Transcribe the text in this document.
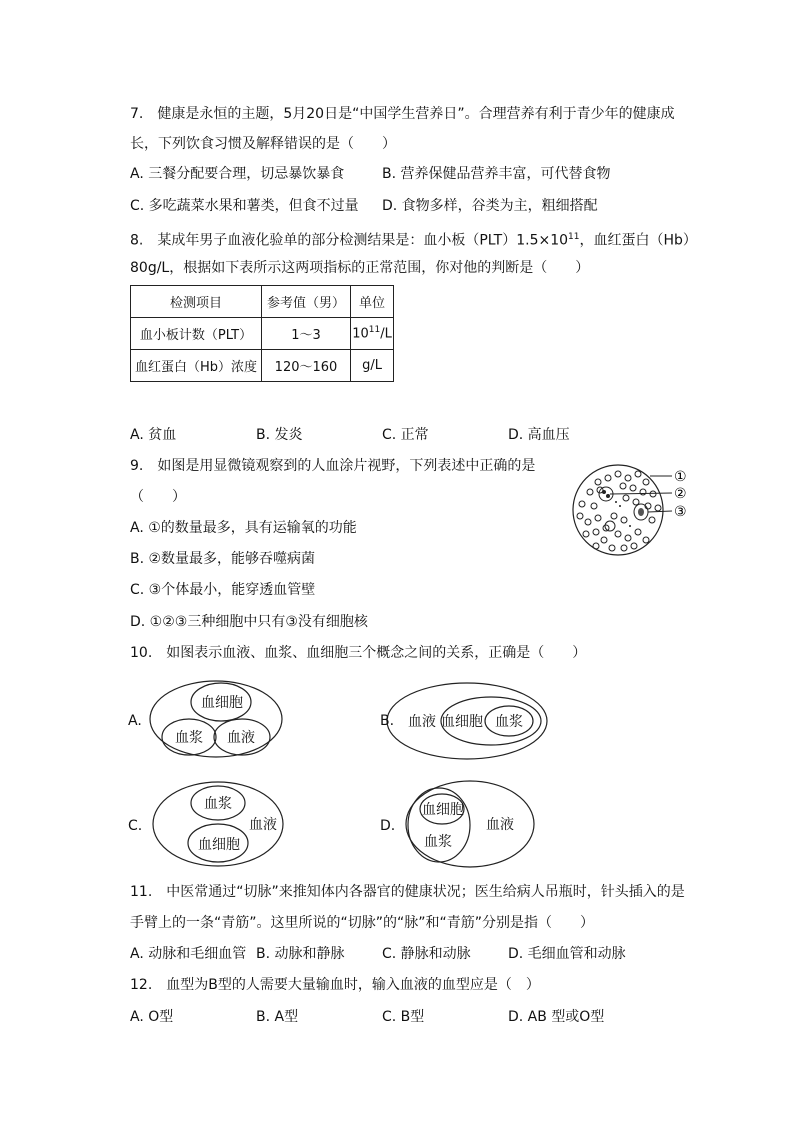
7.　健康是永恒的主题，5月20日是“中国学生营养日”。合理营养有利于青少年的健康成
长，下列饮食习惯及解释错误的是（　　）
A. 三餐分配要合理，切忌暴饮暴食	B. 营养保健品营养丰富，可代替食物
C. 多吃蔬菜水果和薯类，但食不过量 D. 食物多样，谷类为主，粗细搭配
8.　某成年男子血液化验单的部分检测结果是：血小板$(PLT)1.5\times 10^{11}$，血红蛋白（Hb）
80g/L，根据如下表所示这两项指标的正常范围，你对他的判断是（　　）
检测项目	参考值（男）	单位
血小板计数（PLT）	1～3	$10^{11}/L$
血红蛋白（Hb）浓度	120～160	g/L
A. 贫血	B. 发炎	C. 正常	D. 高血压
9.　如图是用显微镜观察到的人血涂片视野，下列表述中正确的是
（　　）
A. ①的数量最多，具有运输氧的功能
B. ②数量最多，能够吞噬病菌
C. ③个体最小，能穿透血管壁
D. ①②③三种细胞中只有③没有细胞核
①
②
③
10.　如图表示血液、血浆、血细胞三个概念之间的关系，正确是（　　）
A.
血细胞
血浆 血液
B. 血液 血细胞 血浆
C.
血浆
血细胞
血液	D.
血细胞
血浆
血液
11.　中医常通过“切脉”来推知体内各器官的健康状况；医生给病人吊瓶时，针头插入的是
手臂上的一条“青筋”。这里所说的“切脉”的“脉”和“青筋”分别是指（　　）
A. 动脉和毛细血管 B. 动脉和静脉	C. 静脉和动脉	D. 毛细血管和动脉
12.　血型为B型的人需要大量输血时，输入血液的血型应是（　）
A. O型	B. A型	C. B型	D. AB 型或O型
